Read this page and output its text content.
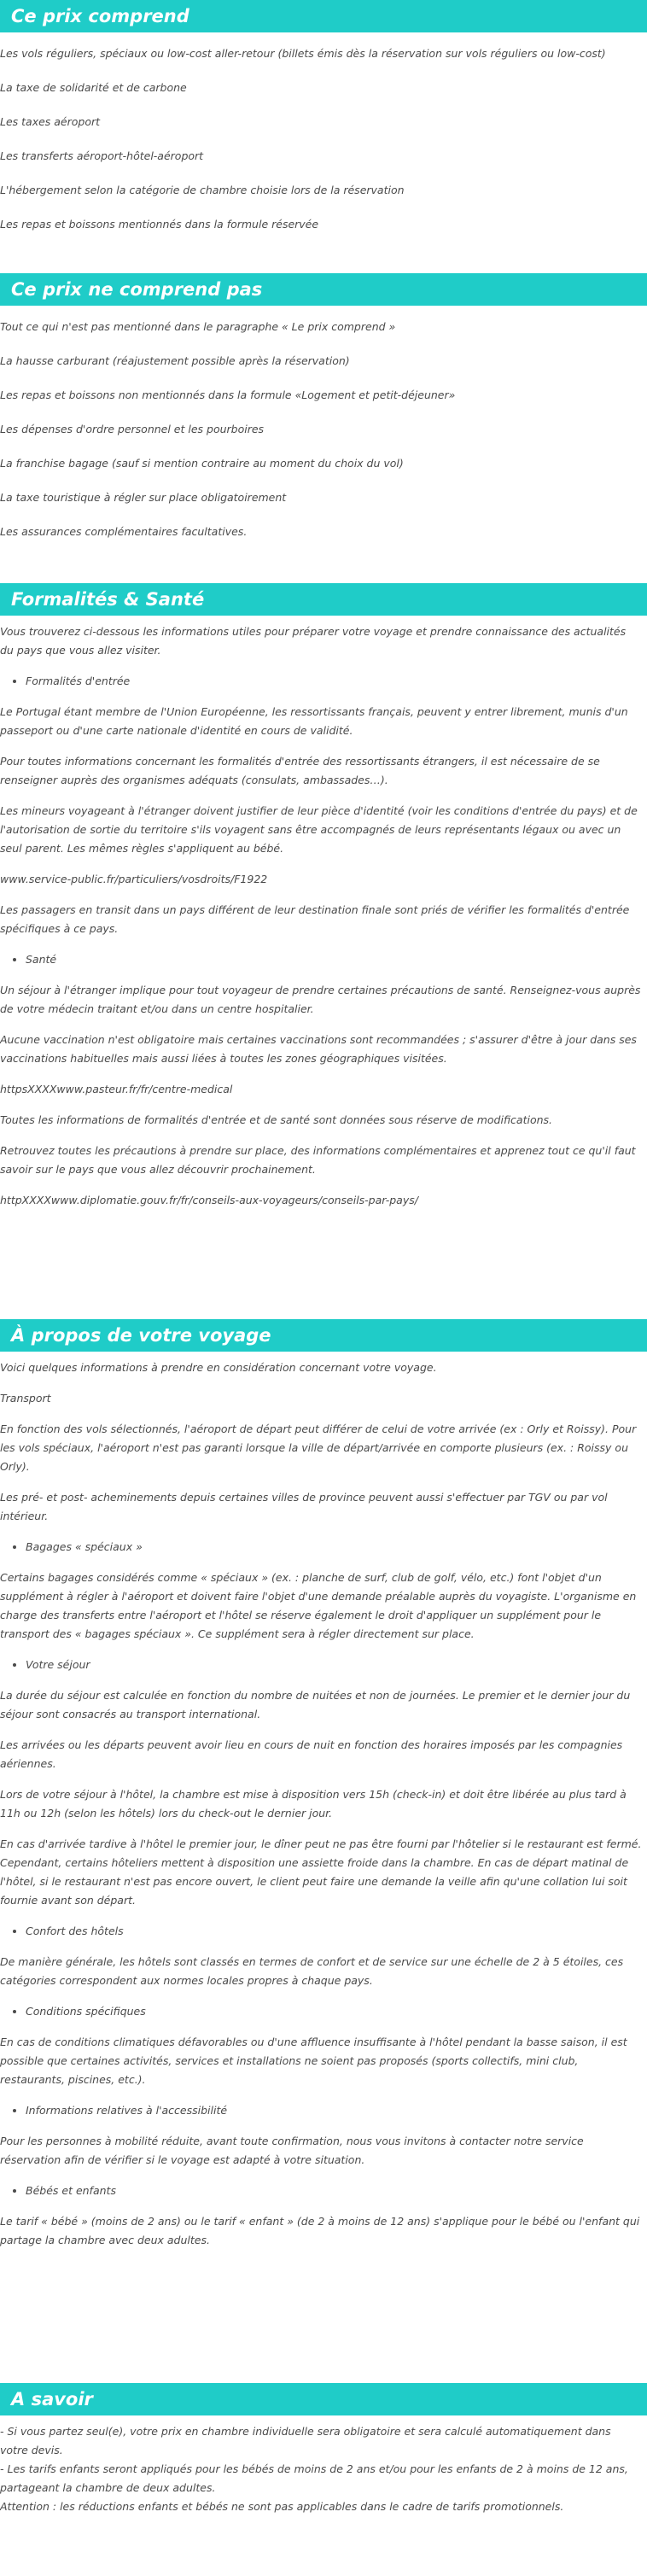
Ce prix comprend

Les vols réguliers, spéciaux ou low-cost aller-retour (billets émis dès la réservation sur vols réguliers ou low-cost)

La taxe de solidarité et de carbone

Les taxes aéroport

Les transferts aéroport-hôtel-aéroport

L'hébergement selon la catégorie de chambre choisie lors de la réservation

Les repas et boissons mentionnés dans la formule réservée

Ce prix ne comprend pas

Tout ce qui n'est pas mentionné dans le paragraphe « Le prix comprend »

La hausse carburant (réajustement possible après la réservation)

Les repas et boissons non mentionnés dans la formule «Logement et petit-déjeuner»

Les dépenses d'ordre personnel et les pourboires

La franchise bagage (sauf si mention contraire au moment du choix du vol)

La taxe touristique à régler sur place obligatoirement

Les assurances complémentaires facultatives.

Formalités & Santé

Vous trouverez ci-dessous les informations utiles pour préparer votre voyage et prendre connaissance des actualités du pays que vous allez visiter.

• Formalités d'entrée

Le Portugal étant membre de l'Union Européenne, les ressortissants français, peuvent y entrer librement, munis d'un passeport ou d'une carte nationale d'identité en cours de validité.

Pour toutes informations concernant les formalités d'entrée des ressortissants étrangers, il est nécessaire de se renseigner auprès des organismes adéquats (consulats, ambassades…).

Les mineurs voyageant à l'étranger doivent justifier de leur pièce d'identité (voir les conditions d'entrée du pays) et de l'autorisation de sortie du territoire s'ils voyagent sans être accompagnés de leurs représentants légaux ou avec un seul parent. Les mêmes règles s'appliquent au bébé.

www.service-public.fr/particuliers/vosdroits/F1922

Les passagers en transit dans un pays différent de leur destination finale sont priés de vérifier les formalités d'entrée spécifiques à ce pays.

• Santé

Un séjour à l'étranger implique pour tout voyageur de prendre certaines précautions de santé. Renseignez-vous auprès de votre médecin traitant et/ou dans un centre hospitalier.

Aucune vaccination n'est obligatoire mais certaines vaccinations sont recommandées ; s'assurer d'être à jour dans ses vaccinations habituelles mais aussi liées à toutes les zones géographiques visitées.

httpsXXXXwww.pasteur.fr/fr/centre-medical

Toutes les informations de formalités d'entrée et de santé sont données sous réserve de modifications.

Retrouvez toutes les précautions à prendre sur place, des informations complémentaires et apprenez tout ce qu'il faut savoir sur le pays que vous allez découvrir prochainement.

httpXXXXwww.diplomatie.gouv.fr/fr/conseils-aux-voyageurs/conseils-par-pays/

À propos de votre voyage

Voici quelques informations à prendre en considération concernant votre voyage.

Transport

En fonction des vols sélectionnés, l'aéroport de départ peut différer de celui de votre arrivée (ex : Orly et Roissy). Pour les vols spéciaux, l'aéroport n'est pas garanti lorsque la ville de départ/arrivée en comporte plusieurs (ex. : Roissy ou Orly).

Les pré- et post- acheminements depuis certaines villes de province peuvent aussi s'effectuer par TGV ou par vol intérieur.

• Bagages « spéciaux »

Certains bagages considérés comme « spéciaux » (ex. : planche de surf, club de golf, vélo, etc.) font l'objet d'un supplément à régler à l'aéroport et doivent faire l'objet d'une demande préalable auprès du voyagiste. L'organisme en charge des transferts entre l'aéroport et l'hôtel se réserve également le droit d'appliquer un supplément pour le transport des « bagages spéciaux ». Ce supplément sera à régler directement sur place.

• Votre séjour

La durée du séjour est calculée en fonction du nombre de nuitées et non de journées. Le premier et le dernier jour du séjour sont consacrés au transport international.

Les arrivées ou les départs peuvent avoir lieu en cours de nuit en fonction des horaires imposés par les compagnies aériennes.

Lors de votre séjour à l'hôtel, la chambre est mise à disposition vers 15h (check-in) et doit être libérée au plus tard à 11h ou 12h (selon les hôtels) lors du check-out le dernier jour.

En cas d'arrivée tardive à l'hôtel le premier jour, le dîner peut ne pas être fourni par l'hôtelier si le restaurant est fermé. Cependant, certains hôteliers mettent à disposition une assiette froide dans la chambre. En cas de départ matinal de l'hôtel, si le restaurant n'est pas encore ouvert, le client peut faire une demande la veille afin qu'une collation lui soit fournie avant son départ.

• Confort des hôtels

De manière générale, les hôtels sont classés en termes de confort et de service sur une échelle de 2 à 5 étoiles, ces catégories correspondent aux normes locales propres à chaque pays.

• Conditions spécifiques

En cas de conditions climatiques défavorables ou d'une affluence insuffisante à l'hôtel pendant la basse saison, il est possible que certaines activités, services et installations ne soient pas proposés (sports collectifs, mini club, restaurants, piscines, etc.).

• Informations relatives à l'accessibilité

Pour les personnes à mobilité réduite, avant toute confirmation, nous vous invitons à contacter notre service réservation afin de vérifier si le voyage est adapté à votre situation.

• Bébés et enfants

Le tarif « bébé » (moins de 2 ans) ou le tarif « enfant » (de 2 à moins de 12 ans) s'applique pour le bébé ou l'enfant qui partage la chambre avec deux adultes.

A savoir

- Si vous partez seul(e), votre prix en chambre individuelle sera obligatoire et sera calculé automatiquement dans votre devis.

- Les tarifs enfants seront appliqués pour les bébés de moins de 2 ans et/ou pour les enfants de 2 à moins de 12 ans, partageant la chambre de deux adultes.

Attention : les réductions enfants et bébés ne sont pas applicables dans le cadre de tarifs promotionnels.
